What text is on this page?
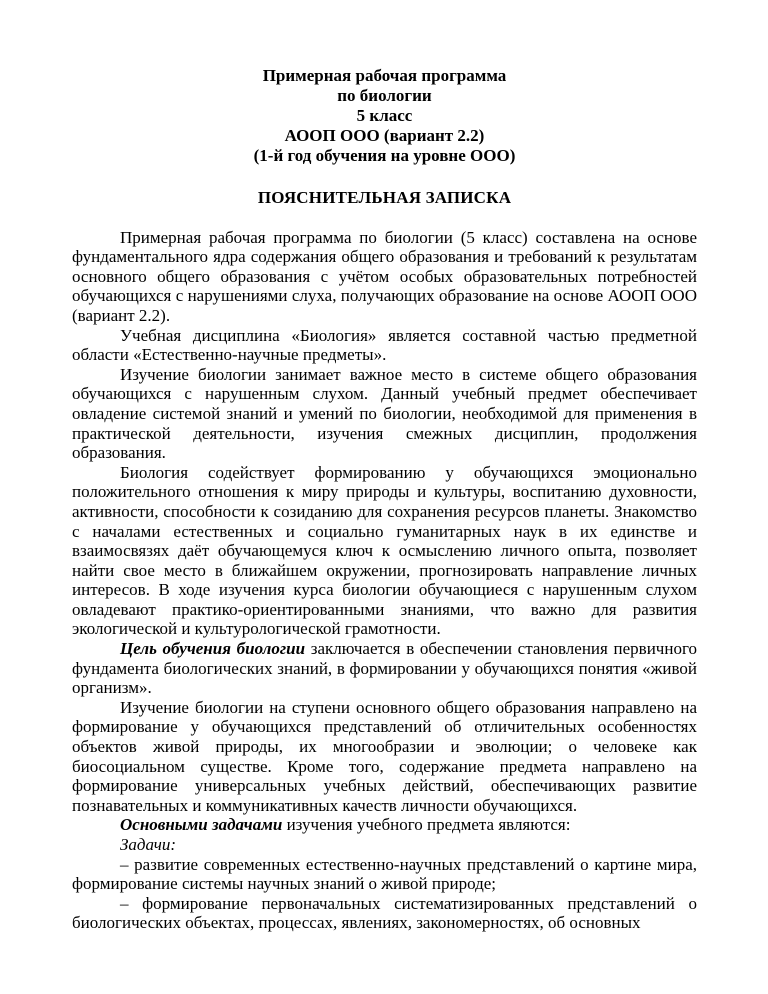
Примерная рабочая программа
по биологии
5 класс
АООП ООО (вариант 2.2)
(1-й год обучения на уровне ООО)
ПОЯСНИТЕЛЬНАЯ ЗАПИСКА

Примерная рабочая программа по биологии (5 класс) составлена на основе фундаментального ядра содержания общего образования и требований к результатам основного общего образования с учётом особых образовательных потребностей обучающихся с нарушениями слуха, получающих образование на основе АООП ООО (вариант 2.2).

Учебная дисциплина «Биология» является составной частью предметной области «Естественно-научные предметы».

Изучение биологии занимает важное место в системе общего образования обучающихся с нарушенным слухом. Данный учебный предмет обеспечивает овладение системой знаний и умений по биологии, необходимой для применения в практической деятельности, изучения смежных дисциплин, продолжения образования.

Биология содействует формированию у обучающихся эмоционально положительного отношения к миру природы и культуры, воспитанию духовности, активности, способности к созиданию для сохранения ресурсов планеты. Знакомство с началами естественных и социально гуманитарных наук в их единстве и взаимосвязях даёт обучающемуся ключ к осмыслению личного опыта, позволяет найти свое место в ближайшем окружении, прогнозировать направление личных интересов. В ходе изучения курса биологии обучающиеся с нарушенным слухом овладевают практико-ориентированными знаниями, что важно для развития экологической и культурологической грамотности.

Цель обучения биологии заключается в обеспечении становления первичного фундамента биологических знаний, в формировании у обучающихся понятия «живой организм».

Изучение биологии на ступени основного общего образования направлено на формирование у обучающихся представлений об отличительных особенностях объектов живой природы, их многообразии и эволюции; о человеке как биосоциальном существе. Кроме того, содержание предмета направлено на формирование универсальных учебных действий, обеспечивающих развитие познавательных и коммуникативных качеств личности обучающихся.

Основными задачами изучения учебного предмета являются:

Задачи:

– развитие современных естественно-научных представлений о картине мира, формирование системы научных знаний о живой природе;

– формирование первоначальных систематизированных представлений о биологических объектах, процессах, явлениях, закономерностях, об основных
